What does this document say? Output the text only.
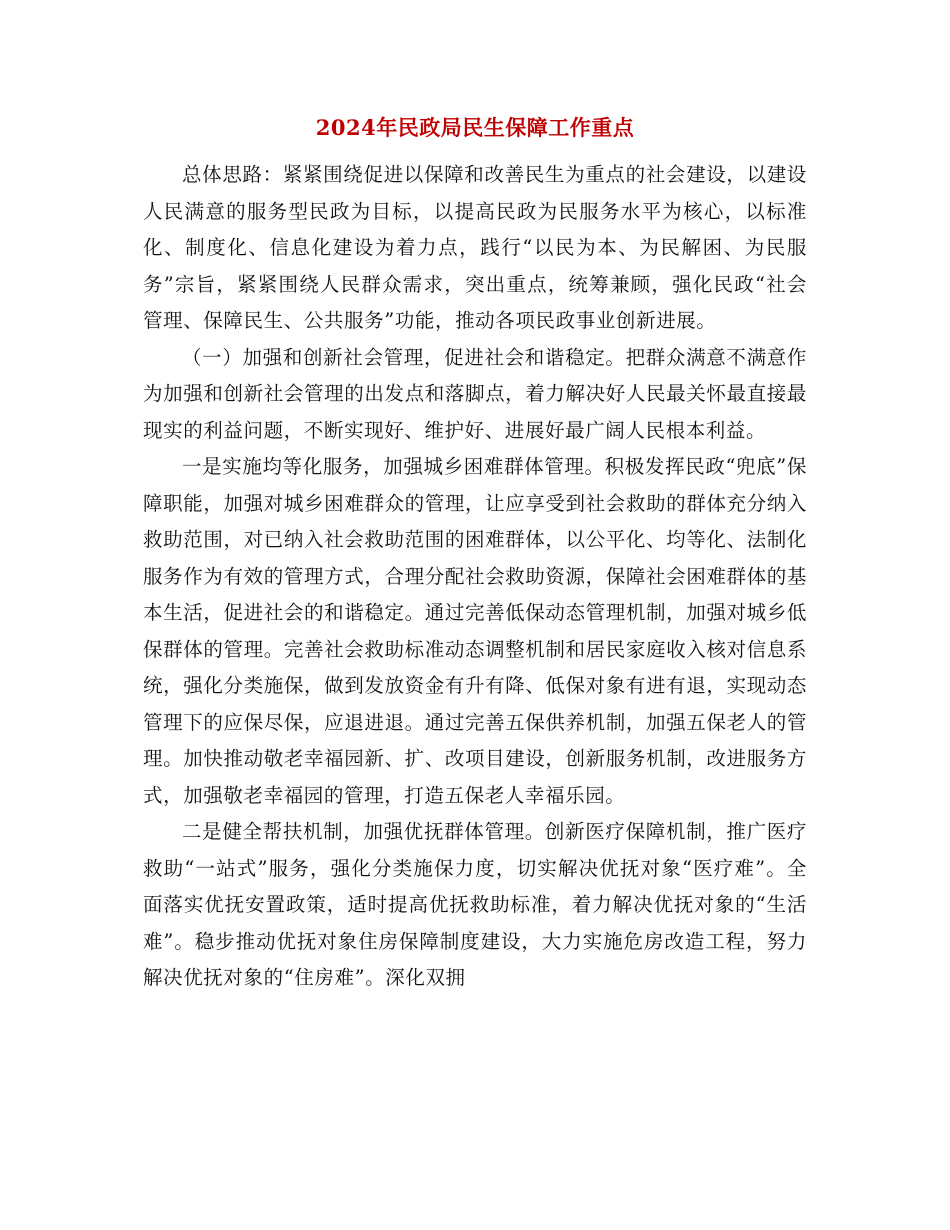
2024年民政局民生保障工作重点

总体思路：紧紧围绕促进以保障和改善民生为重点的社会建设，以建设人民满意的服务型民政为目标，以提高民政为民服务水平为核心，以标准化、制度化、信息化建设为着力点，践行“以民为本、为民解困、为民服务”宗旨，紧紧围绕人民群众需求，突出重点，统筹兼顾，强化民政“社会管理、保障民生、公共服务”功能，推动各项民政事业创新进展。

（一）加强和创新社会管理，促进社会和谐稳定。把群众满意不满意作为加强和创新社会管理的出发点和落脚点，着力解决好人民最关怀最直接最现实的利益问题，不断实现好、维护好、进展好最广阔人民根本利益。

一是实施均等化服务，加强城乡困难群体管理。积极发挥民政“兜底”保障职能，加强对城乡困难群众的管理，让应享受到社会救助的群体充分纳入救助范围，对已纳入社会救助范围的困难群体，以公平化、均等化、法制化服务作为有效的管理方式，合理分配社会救助资源，保障社会困难群体的基本生活，促进社会的和谐稳定。通过完善低保动态管理机制，加强对城乡低保群体的管理。完善社会救助标准动态调整机制和居民家庭收入核对信息系统，强化分类施保，做到发放资金有升有降、低保对象有进有退，实现动态管理下的应保尽保，应退进退。通过完善五保供养机制，加强五保老人的管理。加快推动敬老幸福园新、扩、改项目建设，创新服务机制，改进服务方式，加强敬老幸福园的管理，打造五保老人幸福乐园。

二是健全帮扶机制，加强优抚群体管理。创新医疗保障机制，推广医疗救助“一站式”服务，强化分类施保力度，切实解决优抚对象“医疗难”。全面落实优抚安置政策，适时提高优抚救助标准，着力解决优抚对象的“生活难”。稳步推动优抚对象住房保障制度建设，大力实施危房改造工程，努力解决优抚对象的“住房难”。深化双拥
